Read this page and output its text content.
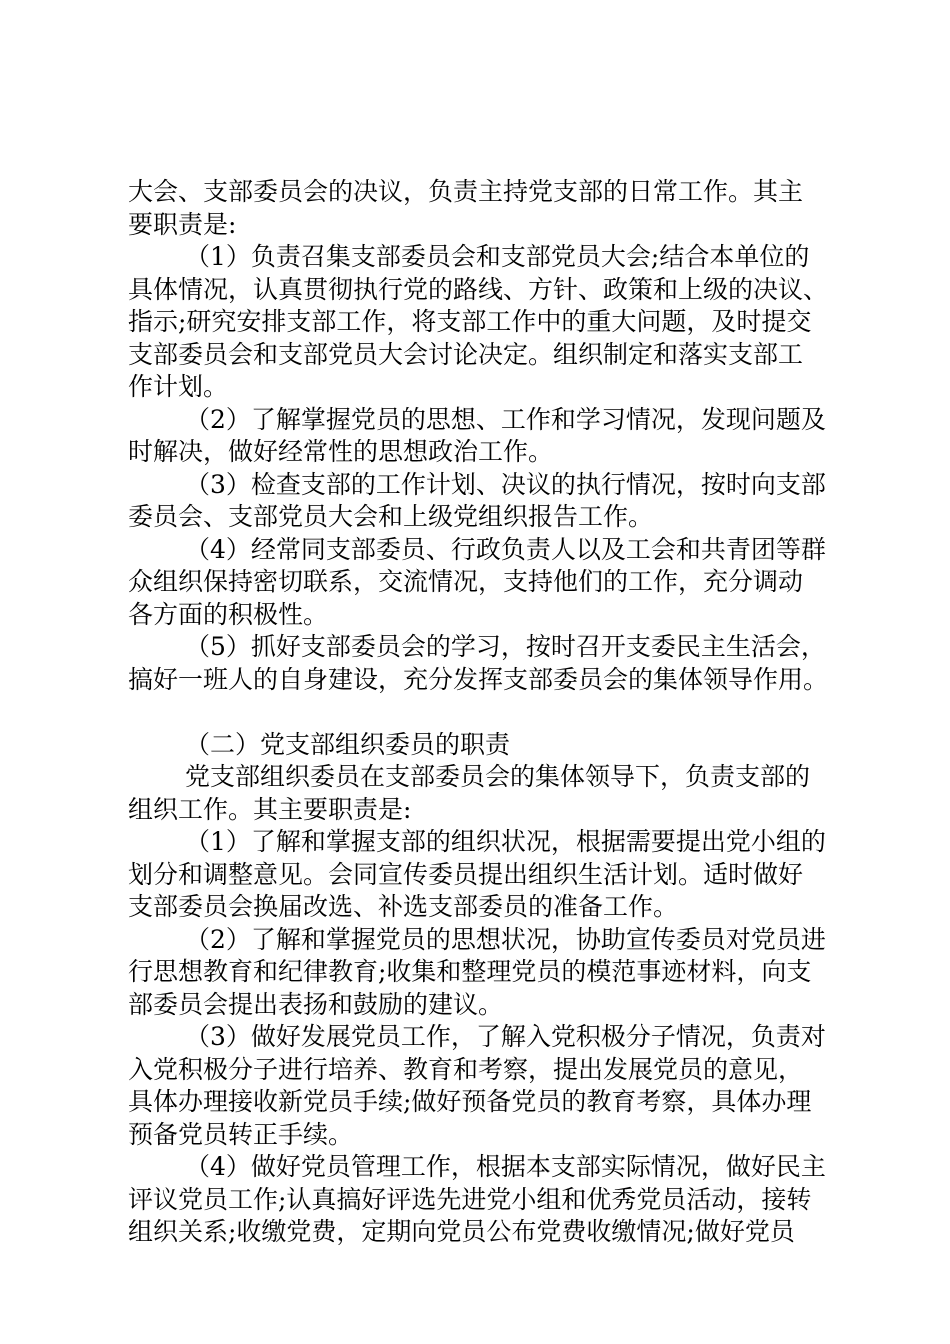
大会、支部委员会的决议，负责主持党支部的日常工作。其主
要职责是:
（1）负责召集支部委员会和支部党员大会;结合本单位的
具体情况，认真贯彻执行党的路线、方针、政策和上级的决议、
指示;研究安排支部工作，将支部工作中的重大问题，及时提交
支部委员会和支部党员大会讨论决定。组织制定和落实支部工
作计划。
（2）了解掌握党员的思想、工作和学习情况，发现问题及
时解决，做好经常性的思想政治工作。
（3）检查支部的工作计划、决议的执行情况，按时向支部
委员会、支部党员大会和上级党组织报告工作。
（4）经常同支部委员、行政负责人以及工会和共青团等群
众组织保持密切联系，交流情况，支持他们的工作，充分调动
各方面的积极性。
（5）抓好支部委员会的学习，按时召开支委民主生活会，
搞好一班人的自身建设，充分发挥支部委员会的集体领导作用。
（二）党支部组织委员的职责
党支部组织委员在支部委员会的集体领导下，负责支部的
组织工作。其主要职责是:
（1）了解和掌握支部的组织状况，根据需要提出党小组的
划分和调整意见。会同宣传委员提出组织生活计划。适时做好
支部委员会换届改选、补选支部委员的准备工作。
（2）了解和掌握党员的思想状况，协助宣传委员对党员进
行思想教育和纪律教育;收集和整理党员的模范事迹材料，向支
部委员会提出表扬和鼓励的建议。
（3）做好发展党员工作，了解入党积极分子情况，负责对
入党积极分子进行培养、教育和考察，提出发展党员的意见，
具体办理接收新党员手续;做好预备党员的教育考察，具体办理
预备党员转正手续。
（4）做好党员管理工作，根据本支部实际情况，做好民主
评议党员工作;认真搞好评选先进党小组和优秀党员活动，接转
组织关系;收缴党费，定期向党员公布党费收缴情况;做好党员
